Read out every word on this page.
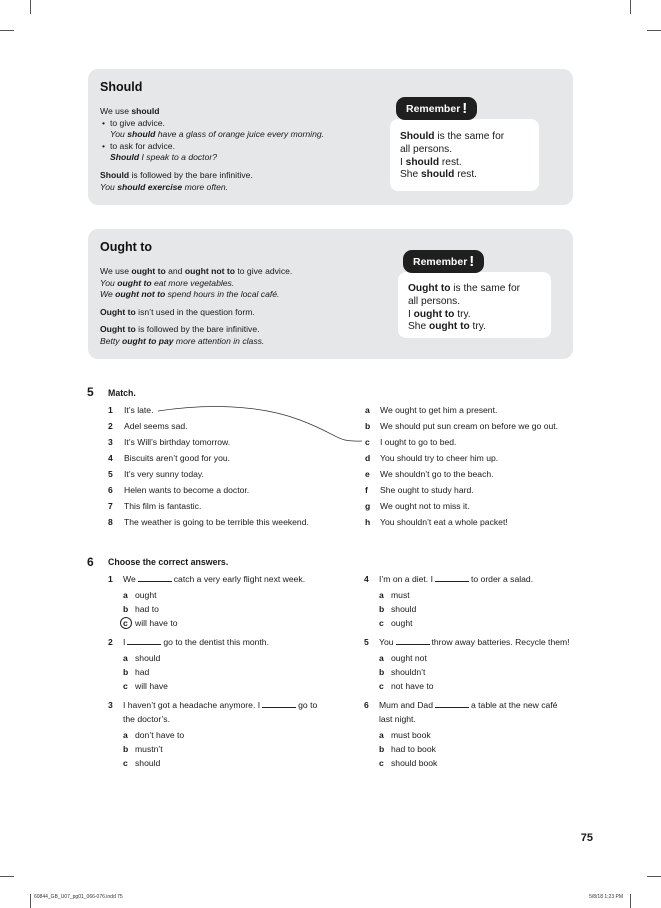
Should
We use should
• to give advice.
You should have a glass of orange juice every morning.
• to ask for advice.
Should I speak to a doctor?
Should is followed by the bare infinitive.
You should exercise more often.
Remember !
Should is the same for
all persons.
I should rest.
She should rest.
Ought to
We use ought to and ought not to to give advice.
You ought to eat more vegetables.
We ought not to spend hours in the local café.
Ought to isn’t used in the question form.
Ought to is followed by the bare infinitive.
Betty ought to pay more attention in class.
Remember !
Ought to is the same for
all persons.
I ought to try.
She ought to try.
5 Match.
1 It’s late.
2 Adel seems sad.
3 It’s Will’s birthday tomorrow.
4 Biscuits aren’t good for you.
5 It’s very sunny today.
6 Helen wants to become a doctor.
7 This film is fantastic.
8 The weather is going to be terrible this weekend.
a We ought to get him a present.
b We should put sun cream on before we go out.
c I ought to go to bed.
d You should try to cheer him up.
e We shouldn’t go to the beach.
f She ought to study hard.
g We ought not to miss it.
h You shouldn’t eat a whole packet!
6 Choose the correct answers.
1 We	catch a very early flight next week.
a ought
b had to
c will have to
2 I	go to the dentist this month.
a should
b had
c will have
3 I haven’t got a headache anymore. I	go to
the doctor’s.
a don’t have to
b mustn’t
c should
4 I’m on a diet. I	to order a salad.
a must
b should
c ought
5 You	throw away batteries. Recycle them!
a ought not
b shouldn’t
c not have to
6 Mum and Dad	a table at the new café
last night.
a must book
b had to book
c should book
75
60844_GB_U07_pg01_066-076.indd 75	5/8/18 1:23 PM
